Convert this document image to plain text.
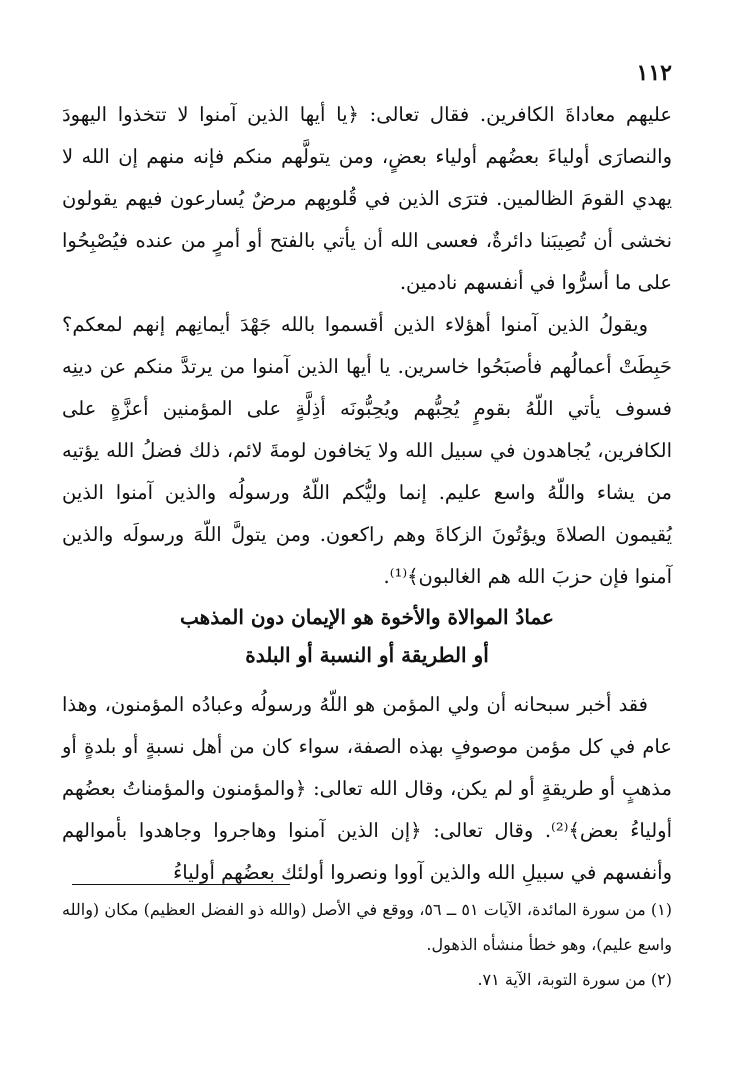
١١٢

عليهم معاداةَ الكافرين. فقال تعالى: ﴿يا أيها الذين آمنوا لا تتخذوا اليهودَ والنصارَى أولياءَ بعضُهم أولياء بعضٍ، ومن يتولَّهم منكم فإنه منهم إن الله لا يهدي القومَ الظالمين. فترَى الذين في قُلوبِهم مرضٌ يُسارعون فيهم يقولون نخشى أن تُصِيبَنا دائرةٌ، فعسى الله أن يأتي بالفتح أو أمرٍ من عنده فيُصْبِحُوا على ما أسرُّوا في أنفسهم نادمين.

ويقولُ الذين آمنوا أهؤلاء الذين أقسموا بالله جَهْدَ أيمانِهم إنهم لمعكم؟ حَبِطَتْ أعمالُهم فأصبَحُوا خاسرين. يا أيها الذين آمنوا من يرتدَّ منكم عن دينِه فسوف يأتي اللّهُ بقومٍ يُحِبُّهم ويُحِبُّونَه أذِلَّةٍ على المؤمنين أعزَّةٍ على الكافرين، يُجاهدون في سبيل الله ولا يَخافون لومةَ لائم، ذلك فضلُ الله يؤتيه من يشاء واللّهُ واسع عليم. إنما وليُّكم اللّهُ ورسولُه والذين آمنوا الذين يُقيمون الصلاةَ ويؤتُونَ الزكاةَ وهم راكعون. ومن يتولَّ اللّهَ ورسولَه والذين آمنوا فإن حزبَ الله هم الغالبون﴾⁽¹⁾.

عمادُ الموالاة والأخوة هو الإيمان دون المذهب

أو الطريقة أو النسبة أو البلدة

فقد أخبر سبحانه أن ولي المؤمن هو اللّهُ ورسولُه وعبادُه المؤمنون، وهذا عام في كل مؤمن موصوفٍ بهذه الصفة، سواء كان من أهل نسبةٍ أو بلدةٍ أو مذهبٍ أو طريقةٍ أو لم يكن، وقال الله تعالى: ﴿والمؤمنون والمؤمناتُ بعضُهم أولياءُ بعض﴾⁽²⁾. وقال تعالى: ﴿إن الذين آمنوا وهاجروا وجاهدوا بأموالهم وأنفسهم في سبيلِ الله والذين آووا ونصروا أولئك بعضُهم أولياءُ

(١) من سورة المائدة، الآيات ٥١ ــ ٥٦، ووقع في الأصل (والله ذو الفضل العظيم) مكان (والله واسع عليم)، وهو خطأ منشأه الذهول.

(٢) من سورة التوبة، الآية ٧١.
